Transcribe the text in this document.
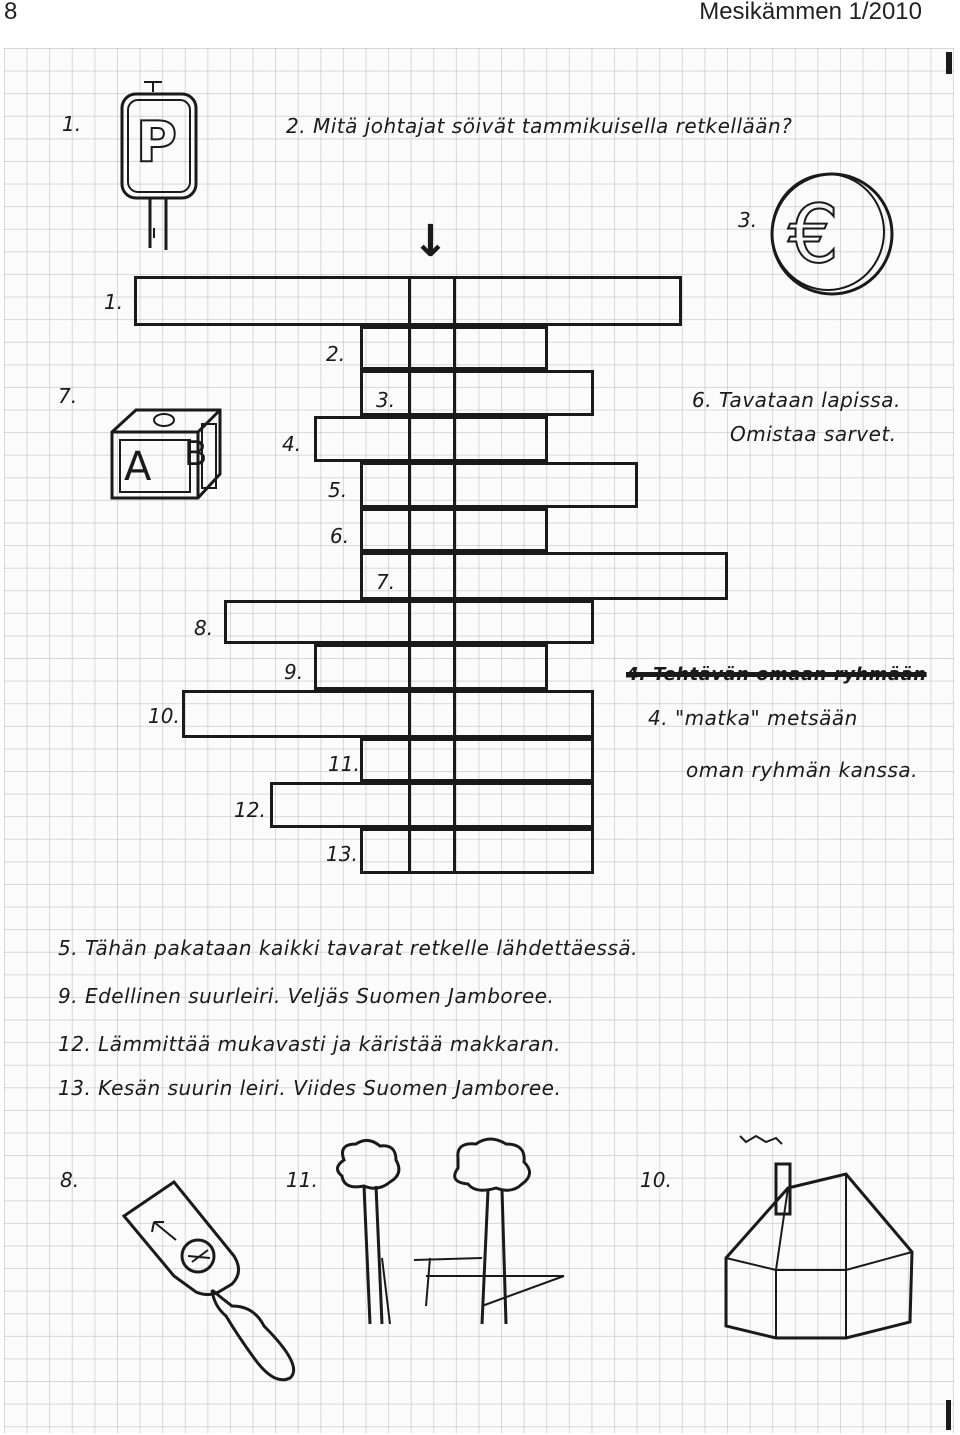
8	Mesikämmen 1/2010
1. P	2. Mitä johtajat söivät tammikuisella retkellään?
3. €
1.
2.
3.
4.
5.
6.
7.
8.
9.
10.
11.
12.
13.
↓
7.
A B
6. Tavataan lapissa.
Omistaa sarvet.
4. Tehtävän omaan ryhmään
4. "matka" metsään
oman ryhmän kanssa.
5. Tähän pakataan kaikki tavarat retkelle lähdettäessä.
9. Edellinen suurleiri. Veljäs Suomen Jamboree.
12. Lämmittää mukavasti ja käristää makkaran.
13. Kesän suurin leiri. Viides Suomen Jamboree.
8.	11.	10.
